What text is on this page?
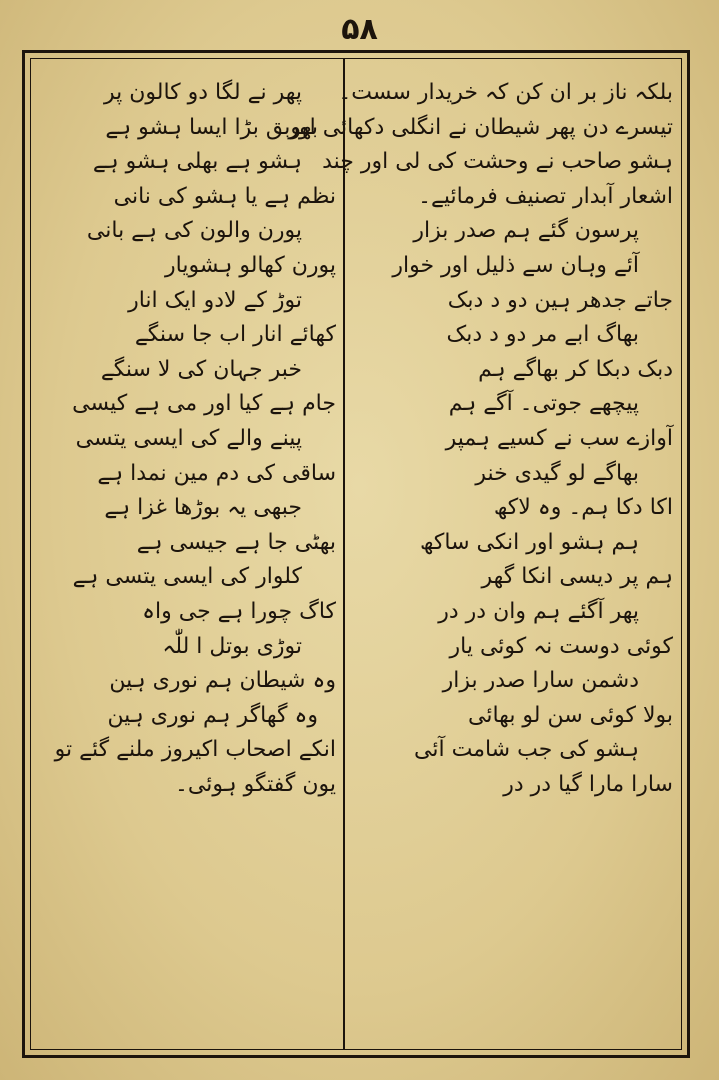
۵۸
بلکہ ناز بر ان کن کہ خریدار سست۔
تیسرے دن پھر شیطان نے انگلی دکھائی اور
ہشو صاحب نے وحشت کی لی اور چند
اشعار آبدار تصنیف فرمائیے۔
پرسون گئے ہم صدر بزار
آئے وہان سے ذلیل اور خوار
جاتے جدھر ہین دو د دبک
بھاگ ابے مر دو د دبک
دبک دبکا کر بھاگے ہم
پیچھے جوتی۔ آگے ہم
آوازے سب نے کسیے ہمپر
بھاگے لو گیدی خنر
اکا دکا ہم۔ وہ لاکھ
ہم ہشو اور انکی ساکھ
ہم پر دیسی انکا گھر
پھر آگئے ہم وان در در
کوئی دوست نہ کوئی یار
دشمن سارا صدر بزار
بولا کوئی سن لو بھائی
ہشو کی جب شامت آئی
سارا مارا گیا در در
پھر نے لگا دو کالون پر
بھوبق بڑا ایسا ہشو ہے
ہشو ہے بھلی ہشو ہے
نظم ہے یا ہشو کی نانی
پورن والون کی ہے بانی
پورن کھالو ہشویار
توڑ کے لادو ایک انار
کھائے انار اب جا سنگے
خبر جہان کی لا سنگے
جام ہے کیا اور می ہے کیسی
پینے والے کی ایسی یتسی
ساقی کی دم مین نمدا ہے
جبھی یہ بوڑھا غزا ہے
بھٹی جا ہے جیسی ہے
کلوار کی ایسی یتسی ہے
کاگ چورا ہے جی واہ
توڑی بوتل ا للّٰہ
وہ شیطان ہم نوری ہین
وہ گھاگر ہم نوری ہین
انکے اصحاب اکیروز ملنے گئے تو
یون گفتگو ہوئی۔
